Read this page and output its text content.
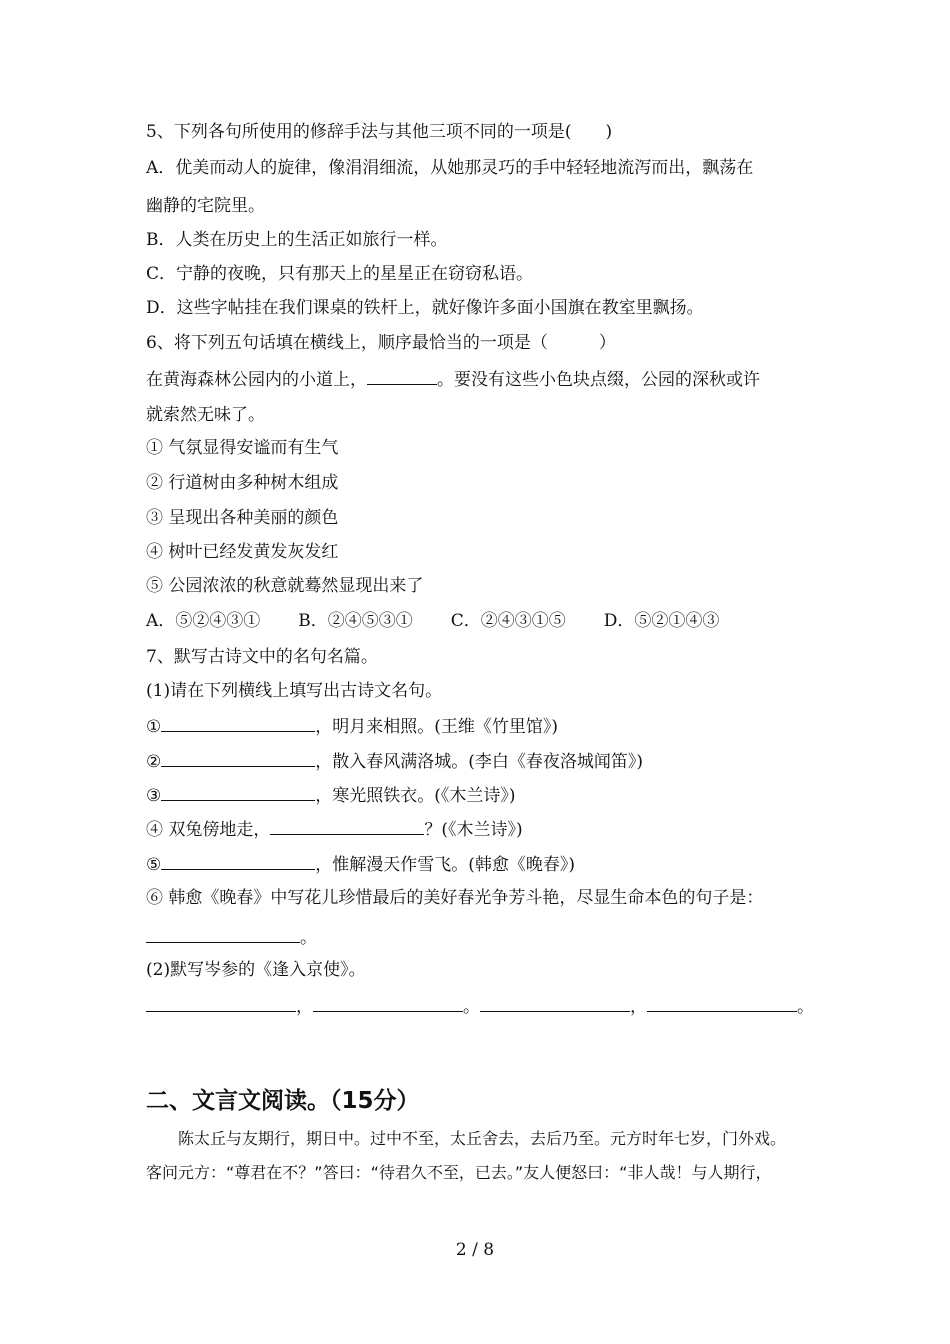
5、下列各句所使用的修辞手法与其他三项不同的一项是(　　)
A．优美而动人的旋律，像涓涓细流，从她那灵巧的手中轻轻地流泻而出，飘荡在
幽静的宅院里。
B．人类在历史上的生活正如旅行一样。
C．宁静的夜晚，只有那天上的星星正在窃窃私语。
D．这些字帖挂在我们课桌的铁杆上，就好像许多面小国旗在教室里飘扬。
6、将下列五句话填在横线上，顺序最恰当的一项是（　　　）
在黄海森林公园内的小道上，	。要没有这些小色块点缀，公园的深秋或许
就索然无味了。
① 气氛显得安谧而有生气
② 行道树由多种树木组成
③ 呈现出各种美丽的颜色
④ 树叶已经发黄发灰发红
⑤ 公园浓浓的秋意就蓦然显现出来了
A．⑤②④③① B．②④⑤③① C．②④③①⑤ D．⑤②①④③
7、默写古诗文中的名句名篇。
(1)请在下列横线上填写出古诗文名句。
①	，明月来相照。(王维《竹里馆》)
②	，散入春风满洛城。(李白《春夜洛城闻笛》)
③	，寒光照铁衣。(《木兰诗》)
④ 双兔傍地走，	？(《木兰诗》)
⑤	，惟解漫天作雪飞。(韩愈《晚春》)
⑥ 韩愈《晚春》中写花儿珍惜最后的美好春光争芳斗艳，尽显生命本色的句子是：
。
(2)默写岑参的《逢入京使》。
，	。	，	。
二、文言文阅读。（15分）
陈太丘与友期行，期日中。过中不至，太丘舍去，去后乃至。元方时年七岁，门外戏。
客问元方：“尊君在不？”答曰：“待君久不至，已去。”友人便怒曰：“非人哉！与人期行，
2 / 8
